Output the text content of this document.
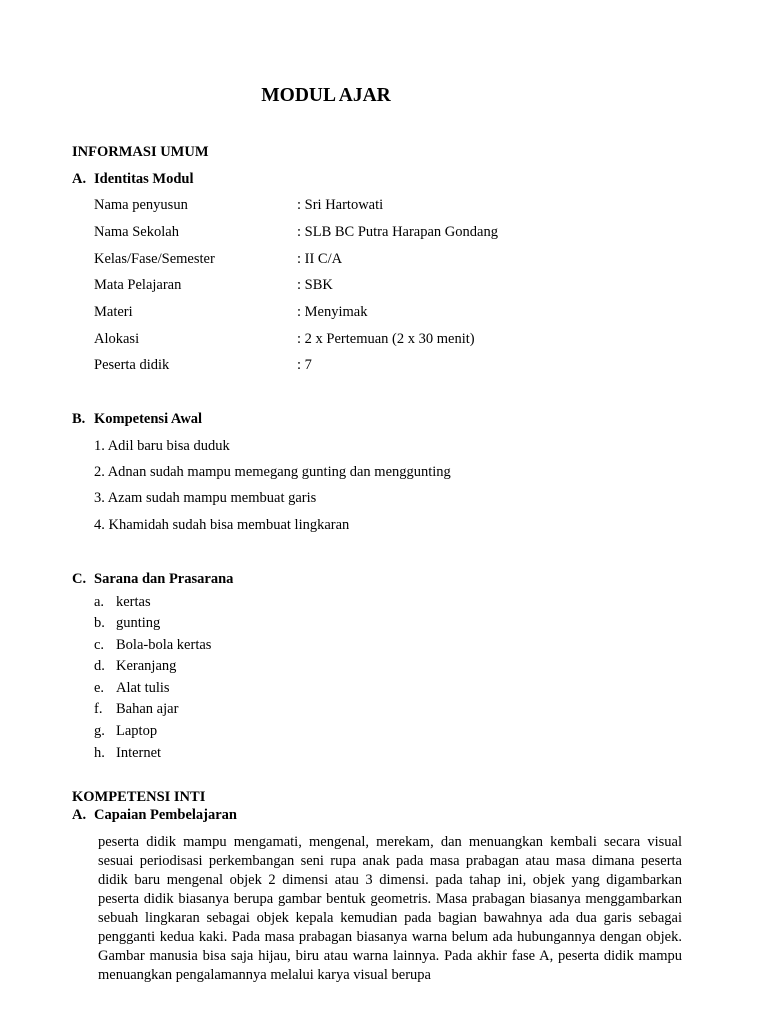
MODUL AJAR
INFORMASI UMUM
A. Identitas Modul
Nama penyusun	: Sri Hartowati
Nama Sekolah	: SLB BC Putra Harapan Gondang
Kelas/Fase/Semester	: II C/A
Mata Pelajaran	: SBK
Materi	: Menyimak
Alokasi	: 2 x Pertemuan (2 x 30 menit)
Peserta didik	: 7
B. Kompetensi Awal
1. Adil baru bisa duduk
2. Adnan sudah mampu memegang gunting dan menggunting
3. Azam sudah mampu membuat garis
4. Khamidah sudah bisa membuat lingkaran
C. Sarana dan Prasarana
a. kertas
b. gunting
c. Bola-bola kertas
d. Keranjang
e. Alat tulis
f. Bahan ajar
g. Laptop
h. Internet
KOMPETENSI INTI
A. Capaian Pembelajaran
peserta didik mampu mengamati, mengenal, merekam, dan menuangkan kembali secara visual sesuai periodisasi perkembangan seni rupa anak pada masa prabagan atau masa dimana peserta didik baru mengenal objek 2 dimensi atau 3 dimensi. pada tahap ini, objek yang digambarkan peserta didik biasanya berupa gambar bentuk geometris. Masa prabagan biasanya menggambarkan sebuah lingkaran sebagai objek kepala kemudian pada bagian bawahnya ada dua garis sebagai pengganti kedua kaki. Pada masa prabagan biasanya warna belum ada hubungannya dengan objek. Gambar manusia bisa saja hijau, biru atau warna lainnya. Pada akhir fase A, peserta didik mampu menuangkan pengalamannya melalui karya visual berupa
